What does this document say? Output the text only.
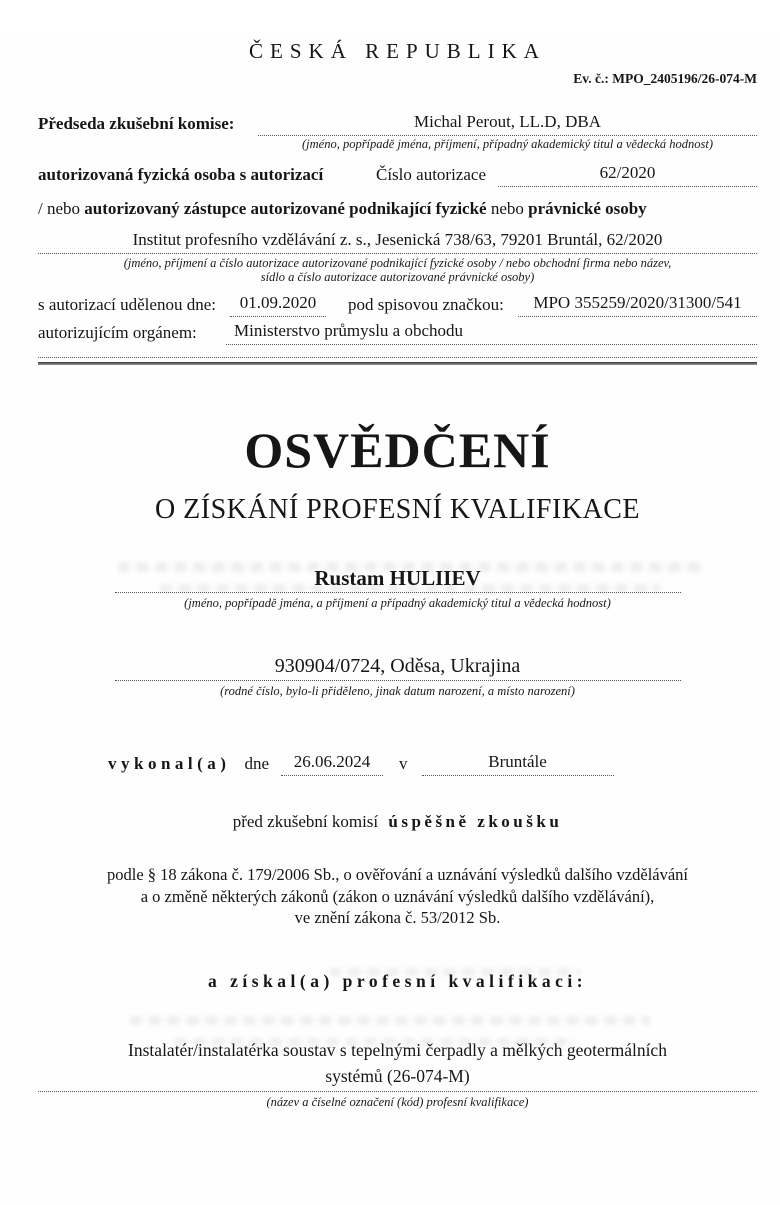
ČESKÁ REPUBLIKA
Ev. č.: MPO_2405196/26-074-M
Předseda zkušební komise:	Michal Perout, LL.D, DBA
(jméno, popřípadě jména, příjmení, případný akademický titul a vědecká hodnost)
autorizovaná fyzická osoba s autorizací	Číslo autorizace	62/2020
/ nebo autorizovaný zástupce autorizované podnikající fyzické nebo právnické osoby
Institut profesního vzdělávání z. s., Jesenická 738/63, 79201 Bruntál, 62/2020
(jméno, příjmení a číslo autorizace autorizované podnikající fyzické osoby / nebo obchodní firma nebo název,
sídlo a číslo autorizace autorizované právnické osoby)
s autorizací udělenou dne:	01.09.2020	pod spisovou značkou:	MPO 355259/2020/31300/541
autorizujícím orgánem:	Ministerstvo průmyslu a obchodu
OSVĚDČENÍ
O ZÍSKÁNÍ PROFESNÍ KVALIFIKACE
Rustam HULIIEV
(jméno, popřípadě jména, a příjmení a případný akademický titul a vědecká hodnost)
930904/0724, Oděsa, Ukrajina
(rodné číslo, bylo-li přiděleno, jinak datum narození, a místo narození)
vykonal(a) dne	26.06.2024	v	Bruntále
před zkušební komisí úspěšně zkoušku
podle § 18 zákona č. 179/2006 Sb., o ověřování a uznávání výsledků dalšího vzdělávání
a o změně některých zákonů (zákon o uznávání výsledků dalšího vzdělávání),
ve znění zákona č. 53/2012 Sb.
a získal(a) profesní kvalifikaci:
Instalatér/instalatérka soustav s tepelnými čerpadly a mělkých geotermálních
systémů (26-074-M)
(název a číselné označení (kód) profesní kvalifikace)
